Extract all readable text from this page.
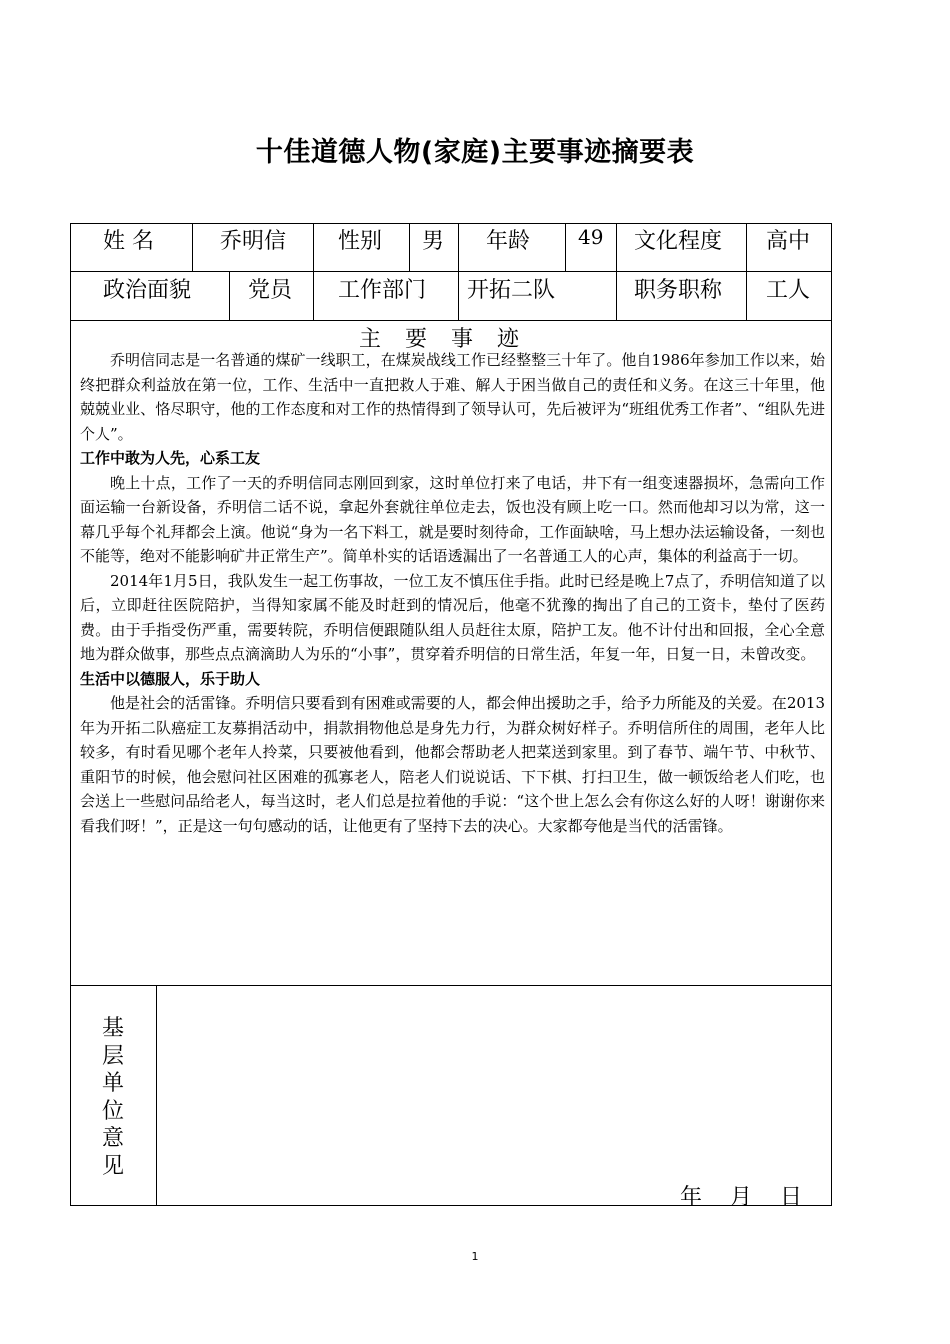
十佳道德人物(家庭)主要事迹摘要表
姓 名	乔明信 性别 男 年龄 49 文化程度 高中
政治面貌	党员 工作部门 开拓二队	职务职称 工人
主要事迹

乔明信同志是一名普通的煤矿一线职工，在煤炭战线工作已经整整三十年了。他自1986年参加工作以来，始终把群众利益放在第一位，工作、生活中一直把救人于难、解人于困当做自己的责任和义务。在这三十年里，他兢兢业业、恪尽职守，他的工作态度和对工作的热情得到了领导认可，先后被评为“班组优秀工作者”、“组队先进个人”。

工作中敢为人先，心系工友

晚上十点，工作了一天的乔明信同志刚回到家，这时单位打来了电话，井下有一组变速器损坏，急需向工作面运输一台新设备，乔明信二话不说，拿起外套就往单位走去，饭也没有顾上吃一口。然而他却习以为常，这一幕几乎每个礼拜都会上演。他说“身为一名下料工，就是要时刻待命，工作面缺啥，马上想办法运输设备，一刻也不能等，绝对不能影响矿井正常生产”。简单朴实的话语透漏出了一名普通工人的心声，集体的利益高于一切。

2014年1月5日，我队发生一起工伤事故，一位工友不慎压住手指。此时已经是晚上7点了，乔明信知道了以后，立即赶往医院陪护，当得知家属不能及时赶到的情况后，他毫不犹豫的掏出了自己的工资卡，垫付了医药费。由于手指受伤严重，需要转院，乔明信便跟随队组人员赶往太原，陪护工友。他不计付出和回报，全心全意地为群众做事，那些点点滴滴助人为乐的“小事”，贯穿着乔明信的日常生活，年复一年，日复一日，未曾改变。

生活中以德服人，乐于助人

他是社会的活雷锋。乔明信只要看到有困难或需要的人，都会伸出援助之手，给予力所能及的关爱。在2013年为开拓二队癌症工友募捐活动中，捐款捐物他总是身先力行，为群众树好样子。乔明信所住的周围，老年人比较多，有时看见哪个老年人拎菜，只要被他看到，他都会帮助老人把菜送到家里。到了春节、端午节、中秋节、重阳节的时候，他会慰问社区困难的孤寡老人，陪老人们说说话、下下棋、打扫卫生，做一顿饭给老人们吃，也会送上一些慰问品给老人，每当这时，老人们总是拉着他的手说：“这个世上怎么会有你这么好的人呀！谢谢你来看我们呀！”，正是这一句句感动的话，让他更有了坚持下去的决心。大家都夸他是当代的活雷锋。

基
层
单
位
意
见
年    月    日
1
